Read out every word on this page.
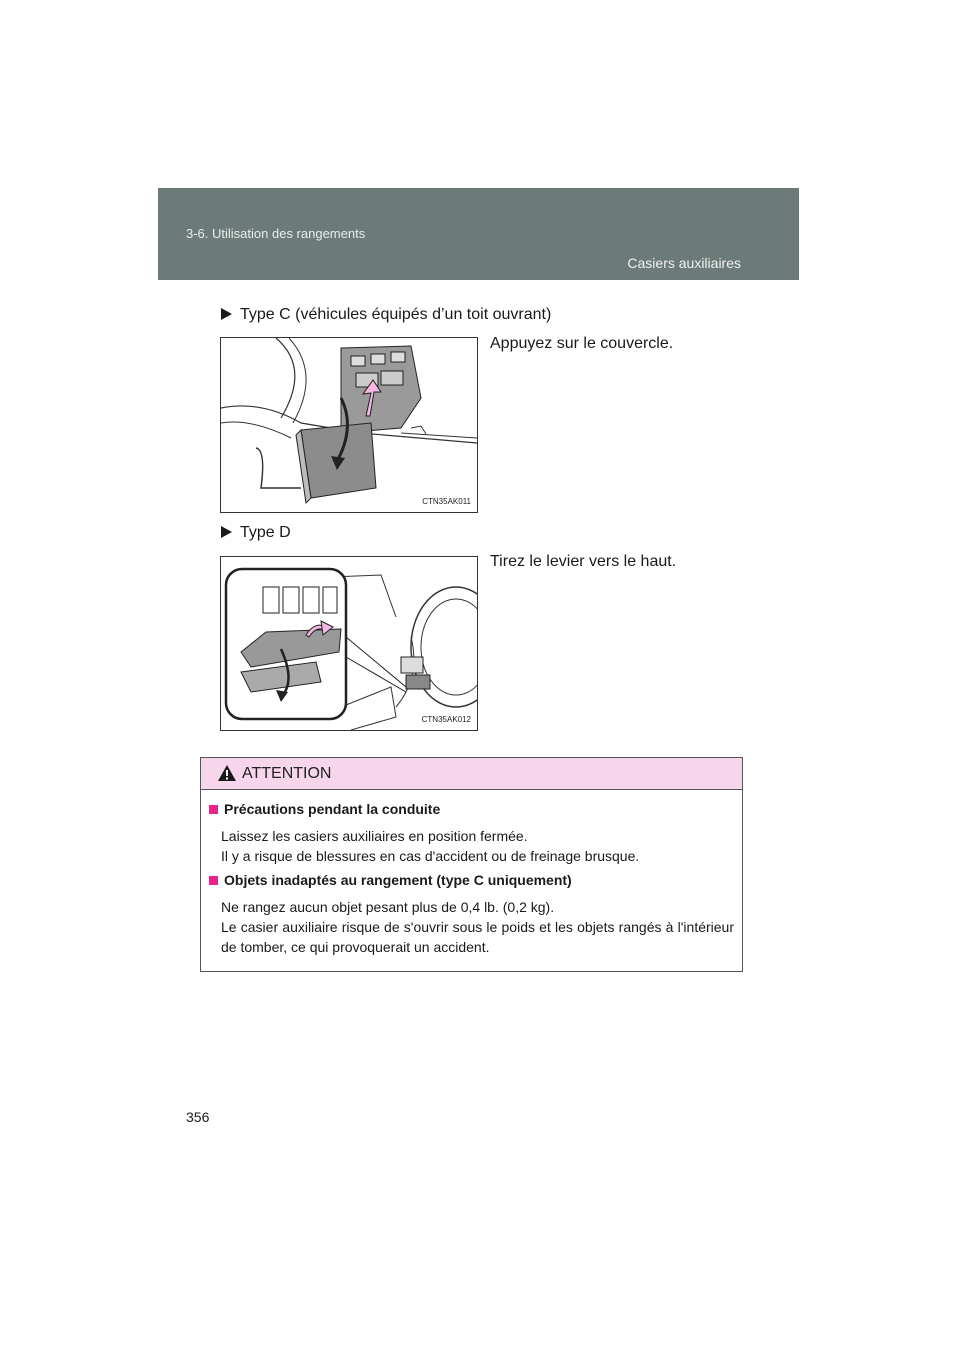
3-6. Utilisation des rangements
Casiers auxiliaires
Type C (véhicules équipés d’un toit ouvrant)
CTN35AK011
Appuyez sur le couvercle.
Type D
CTN35AK012
Tirez le levier vers le haut.
ATTENTION
Précautions pendant la conduite
Laissez les casiers auxiliaires en position fermée.
Il y a risque de blessures en cas d'accident ou de freinage brusque.
Objets inadaptés au rangement (type C uniquement)
Ne rangez aucun objet pesant plus de 0,4 lb. (0,2 kg).
Le casier auxiliaire risque de s'ouvrir sous le poids et les objets rangés à l'intérieur de tomber, ce qui provoquerait un accident.
356
